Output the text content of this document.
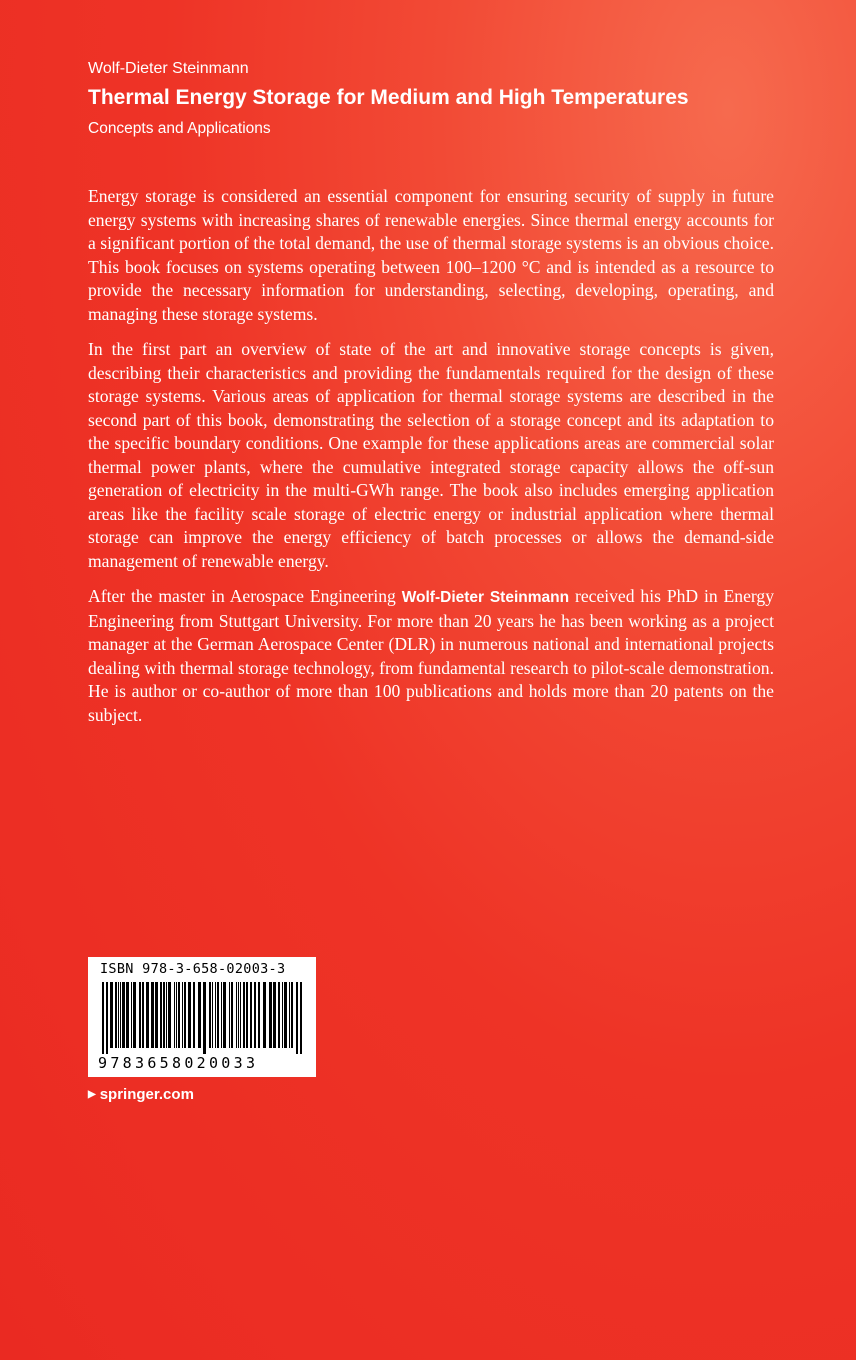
Wolf-Dieter Steinmann
Thermal Energy Storage for Medium and High Temperatures
Concepts and Applications

Energy storage is considered an essential component for ensuring security of supply in future energy systems with increasing shares of renewable energies. Since thermal energy accounts for a significant portion of the total demand, the use of thermal storage systems is an obvious choice. This book focuses on systems operating between 100–1200 °C and is intended as a resource to provide the necessary information for understanding, selecting, developing, operating, and managing these storage systems.

In the first part an overview of state of the art and innovative storage concepts is given, describing their characteristics and providing the fundamentals required for the design of these storage systems. Various areas of application for thermal storage systems are described in the second part of this book, demonstrating the selection of a storage concept and its adaptation to the specific boundary conditions. One example for these applications areas are commercial solar thermal power plants, where the cumulative integrated storage capacity allows the off-sun generation of electricity in the multi-GWh range. The book also includes emerging application areas like the facility scale storage of electric energy or industrial application where thermal storage can improve the energy efficiency of batch processes or allows the demand-side management of renewable energy.

After the master in Aerospace Engineering Wolf-Dieter Steinmann received his PhD in Energy Engineering from Stuttgart University. For more than 20 years he has been working as a project manager at the German Aerospace Center (DLR) in numerous national and international projects dealing with thermal storage technology, from fundamental research to pilot-scale demonstration. He is author or co-author of more than 100 publications and holds more than 20 patents on the subject.

ISBN 978-3-658-02003-3
9783658020033
▶ springer.com
